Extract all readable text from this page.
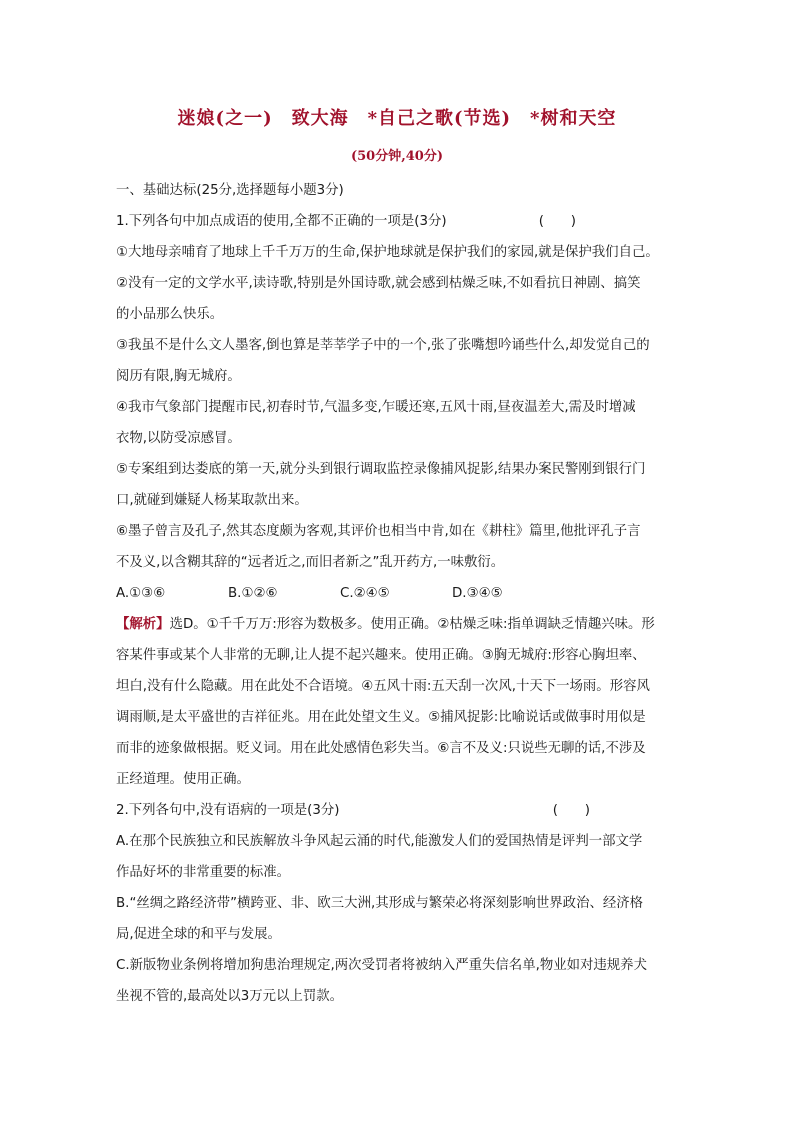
迷娘(之一)　致大海　*自己之歌(节选)　*树和天空
(50分钟,40分)

一、基础达标(25分,选择题每小题3分)

1.下列各句中加点成语的使用,全都不正确的一项是(3分)	(　　)

①大地母亲哺育了地球上千千万万的生命,保护地球就是保护我们的家园,就是保护我们自己。

②没有一定的文学水平,读诗歌,特别是外国诗歌,就会感到枯燥乏味,不如看抗日神剧、搞笑

的小品那么快乐。

③我虽不是什么文人墨客,倒也算是莘莘学子中的一个,张了张嘴想吟诵些什么,却发觉自己的

阅历有限,胸无城府。

④我市气象部门提醒市民,初春时节,气温多变,乍暖还寒,五风十雨,昼夜温差大,需及时增减

衣物,以防受凉感冒。

⑤专案组到达娄底的第一天,就分头到银行调取监控录像捕风捉影,结果办案民警刚到银行门

口,就碰到嫌疑人杨某取款出来。

⑥墨子曾言及孔子,然其态度颇为客观,其评价也相当中肯,如在《耕柱》篇里,他批评孔子言

不及义,以含糊其辞的“远者近之,而旧者新之”乱开药方,一味敷衍。

A.①③⑥	B.①②⑥	C.②④⑤	D.③④⑤

【解析】选D。①千千万万:形容为数极多。使用正确。②枯燥乏味:指单调缺乏情趣兴味。形

容某件事或某个人非常的无聊,让人提不起兴趣来。使用正确。③胸无城府:形容心胸坦率、

坦白,没有什么隐藏。用在此处不合语境。④五风十雨:五天刮一次风,十天下一场雨。形容风

调雨顺,是太平盛世的吉祥征兆。用在此处望文生义。⑤捕风捉影:比喻说话或做事时用似是

而非的迹象做根据。贬义词。用在此处感情色彩失当。⑥言不及义:只说些无聊的话,不涉及

正经道理。使用正确。

2.下列各句中,没有语病的一项是(3分)	(　　)

A.在那个民族独立和民族解放斗争风起云涌的时代,能激发人们的爱国热情是评判一部文学

作品好坏的非常重要的标准。

B.“丝绸之路经济带”横跨亚、非、欧三大洲,其形成与繁荣必将深刻影响世界政治、经济格

局,促进全球的和平与发展。

C.新版物业条例将增加狗患治理规定,两次受罚者将被纳入严重失信名单,物业如对违规养犬

坐视不管的,最高处以3万元以上罚款。
